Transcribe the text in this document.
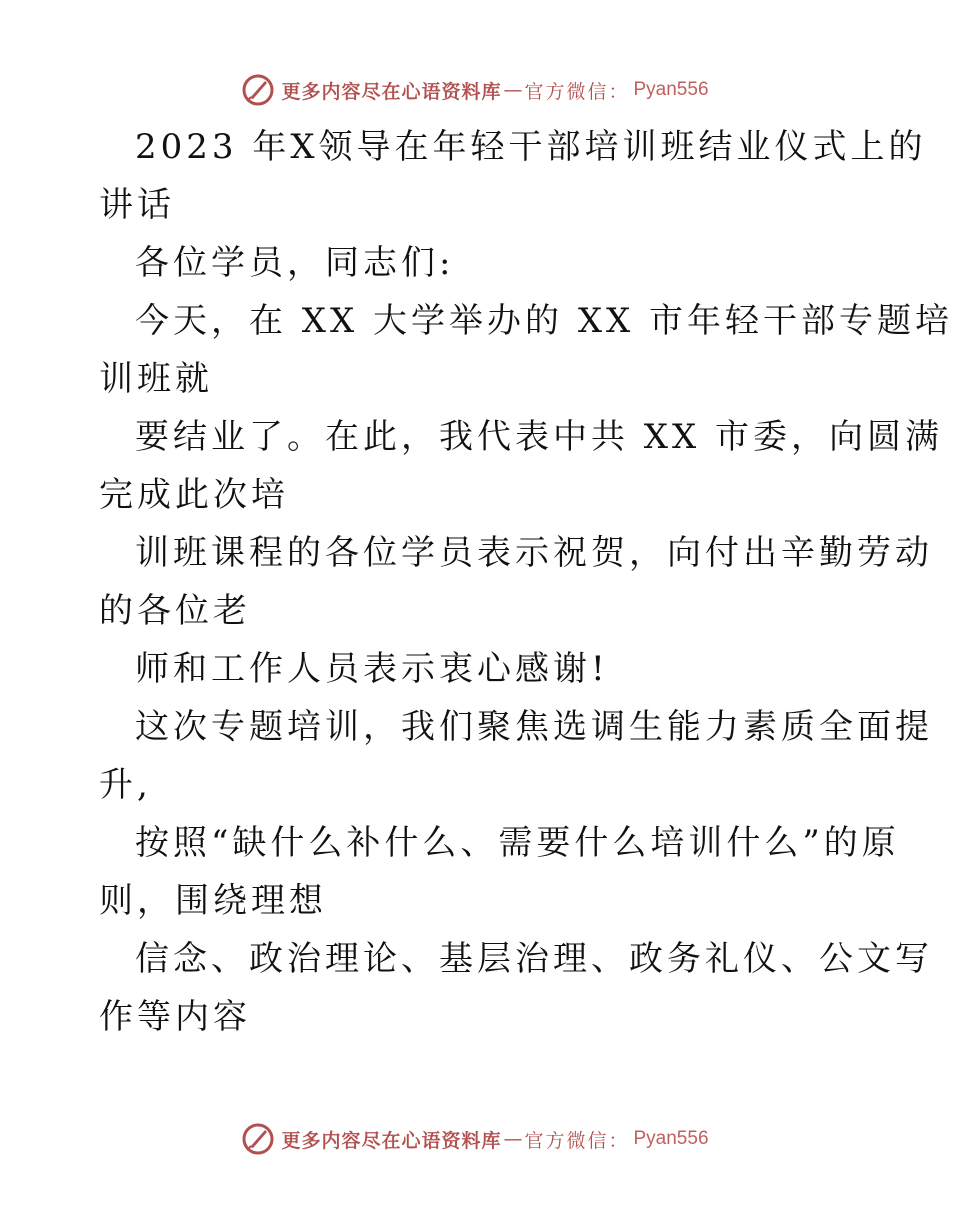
更多内容尽在心语资料库 — 官方微信： Pyan556
2023 年X领导在年轻干部培训班结业仪式上的
讲话
各位学员，同志们:
今天，在 XX 大学举办的 XX 市年轻干部专题培
训班就
要结业了。在此，我代表中共 XX 市委，向圆满
完成此次培
训班课程的各位学员表示祝贺，向付出辛勤劳动
的各位老
师和工作人员表示衷心感谢!
这次专题培训，我们聚焦选调生能力素质全面提
升,
按照“缺什么补什么、需要什么培训什么”的原
则，围绕理想
信念、政治理论、基层治理、政务礼仪、公文写
作等内容
更多内容尽在心语资料库 — 官方微信： Pyan556
